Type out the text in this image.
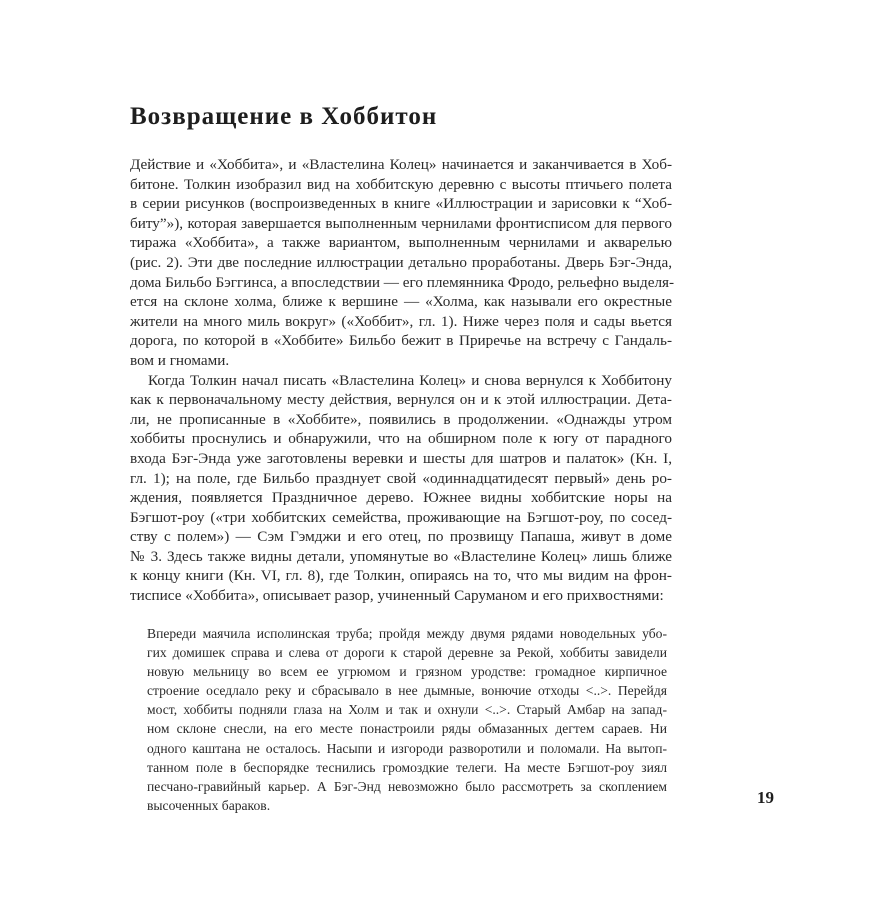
Возвращение в Хоббитон
Действие и «Хоббита», и «Властелина Колец» начинается и заканчивается в Хоб-
битоне. Толкин изобразил вид на хоббитскую деревню с высоты птичьего полета
в серии рисунков (воспроизведенных в книге «Иллюстрации и зарисовки к “Хоб-
биту”»), которая завершается выполненным чернилами фронтисписом для первого
тиража «Хоббита», а также вариантом, выполненным чернилами и акварелью
(рис. 2). Эти две последние иллюстрации детально проработаны. Дверь Бэг-Энда,
дома Бильбо Бэггинса, а впоследствии — его племянника Фродо, рельефно выделя-
ется на склоне холма, ближе к вершине — «Холма, как называли его окрестные
жители на много миль вокруг» («Хоббит», гл. 1). Ниже через поля и сады вьется
дорога, по которой в «Хоббите» Бильбо бежит в Приречье на встречу с Гандаль-
вом и гномами.
Когда Толкин начал писать «Властелина Колец» и снова вернулся к Хоббитону
как к первоначальному месту действия, вернулся он и к этой иллюстрации. Дета-
ли, не прописанные в «Хоббите», появились в продолжении. «Однажды утром
хоббиты проснулись и обнаружили, что на обширном поле к югу от парадного
входа Бэг-Энда уже заготовлены веревки и шесты для шатров и палаток» (Кн. I,
гл. 1); на поле, где Бильбо празднует свой «одиннадцатидесят первый» день ро-
ждения, появляется Праздничное дерево. Южнее видны хоббитские норы на
Бэгшот-роу («три хоббитских семейства, проживающие на Бэгшот-роу, по сосед-
ству с полем») — Сэм Гэмджи и его отец, по прозвищу Папаша, живут в доме
№ 3. Здесь также видны детали, упомянутые во «Властелине Колец» лишь ближе
к концу книги (Кн. VI, гл. 8), где Толкин, опираясь на то, что мы видим на фрон-
тисписе «Хоббита», описывает разор, учиненный Саруманом и его прихвостнями:
Впереди маячила исполинская труба; пройдя между двумя рядами новодельных убо-
гих домишек справа и слева от дороги к старой деревне за Рекой, хоббиты завидели
новую мельницу во всем ее угрюмом и грязном уродстве: громадное кирпичное
строение оседлало реку и сбрасывало в нее дымные, вонючие отходы <..>. Перейдя
мост, хоббиты подняли глаза на Холм и так и охнули <..>. Старый Амбар на запад-
ном склоне снесли, на его месте понастроили ряды обмазанных дегтем сараев. Ни
одного каштана не осталось. Насыпи и изгороди разворотили и поломали. На вытоп-
танном поле в беспорядке теснились громоздкие телеги. На месте Бэгшот-роу зиял
песчано-гравийный карьер. А Бэг-Энд невозможно было рассмотреть за скоплением
высоченных бараков.	19
